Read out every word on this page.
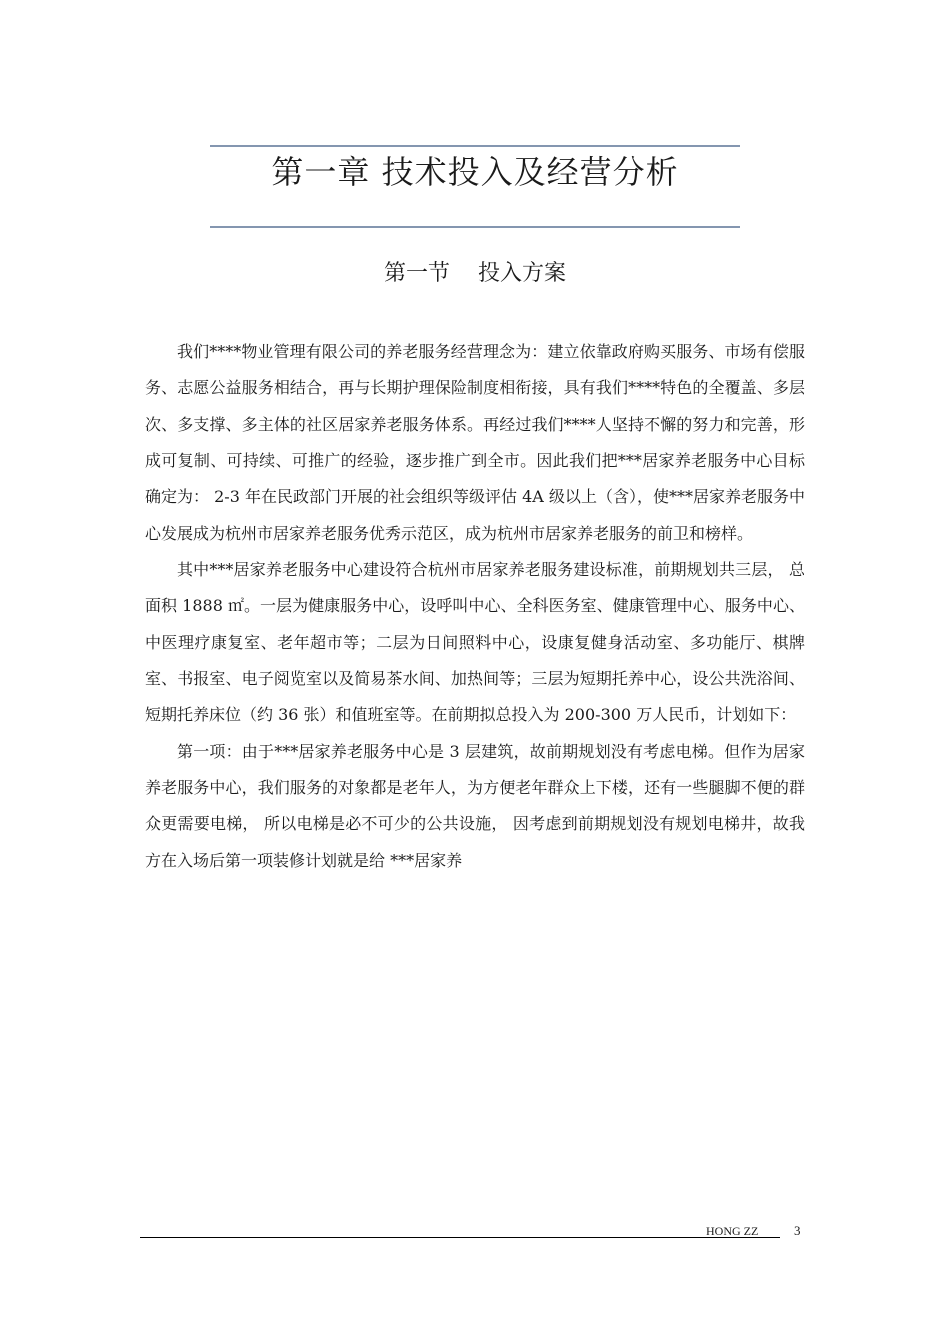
第一章 技术投入及经营分析
第一节    投入方案

我们****物业管理有限公司的养老服务经营理念为：建立依靠政府购买服务、市场有偿服务、志愿公益服务相结合，再与长期护理保险制度相衔接，具有我们****特色的全覆盖、多层次、多支撑、多主体的社区居家养老服务体系。再经过我们****人坚持不懈的努力和完善，形成可复制、可持续、可推广的经验，逐步推广到全市。因此我们把***居家养老服务中心目标确定为： 2-3 年在民政部门开展的社会组织等级评估 4A 级以上（含），使***居家养老服务中心发展成为杭州市居家养老服务优秀示范区，成为杭州市居家养老服务的前卫和榜样。

其中***居家养老服务中心建设符合杭州市居家养老服务建设标准，前期规划共三层， 总面积 1888 ㎡。一层为健康服务中心，设呼叫中心、全科医务室、健康管理中心、服务中心、中医理疗康复室、老年超市等；二层为日间照料中心，设康复健身活动室、多功能厅、棋牌室、书报室、电子阅览室以及简易茶水间、加热间等；三层为短期托养中心，设公共洗浴间、短期托养床位（约 36 张）和值班室等。在前期拟总投入为 200-300 万人民币，计划如下：

第一项：由于***居家养老服务中心是 3 层建筑，故前期规划没有考虑电梯。但作为居家养老服务中心，我们服务的对象都是老年人，为方便老年群众上下楼，还有一些腿脚不便的群众更需要电梯， 所以电梯是必不可少的公共设施， 因考虑到前期规划没有规划电梯井，故我方在入场后第一项装修计划就是给 ***居家养

HONG ZZ	3
